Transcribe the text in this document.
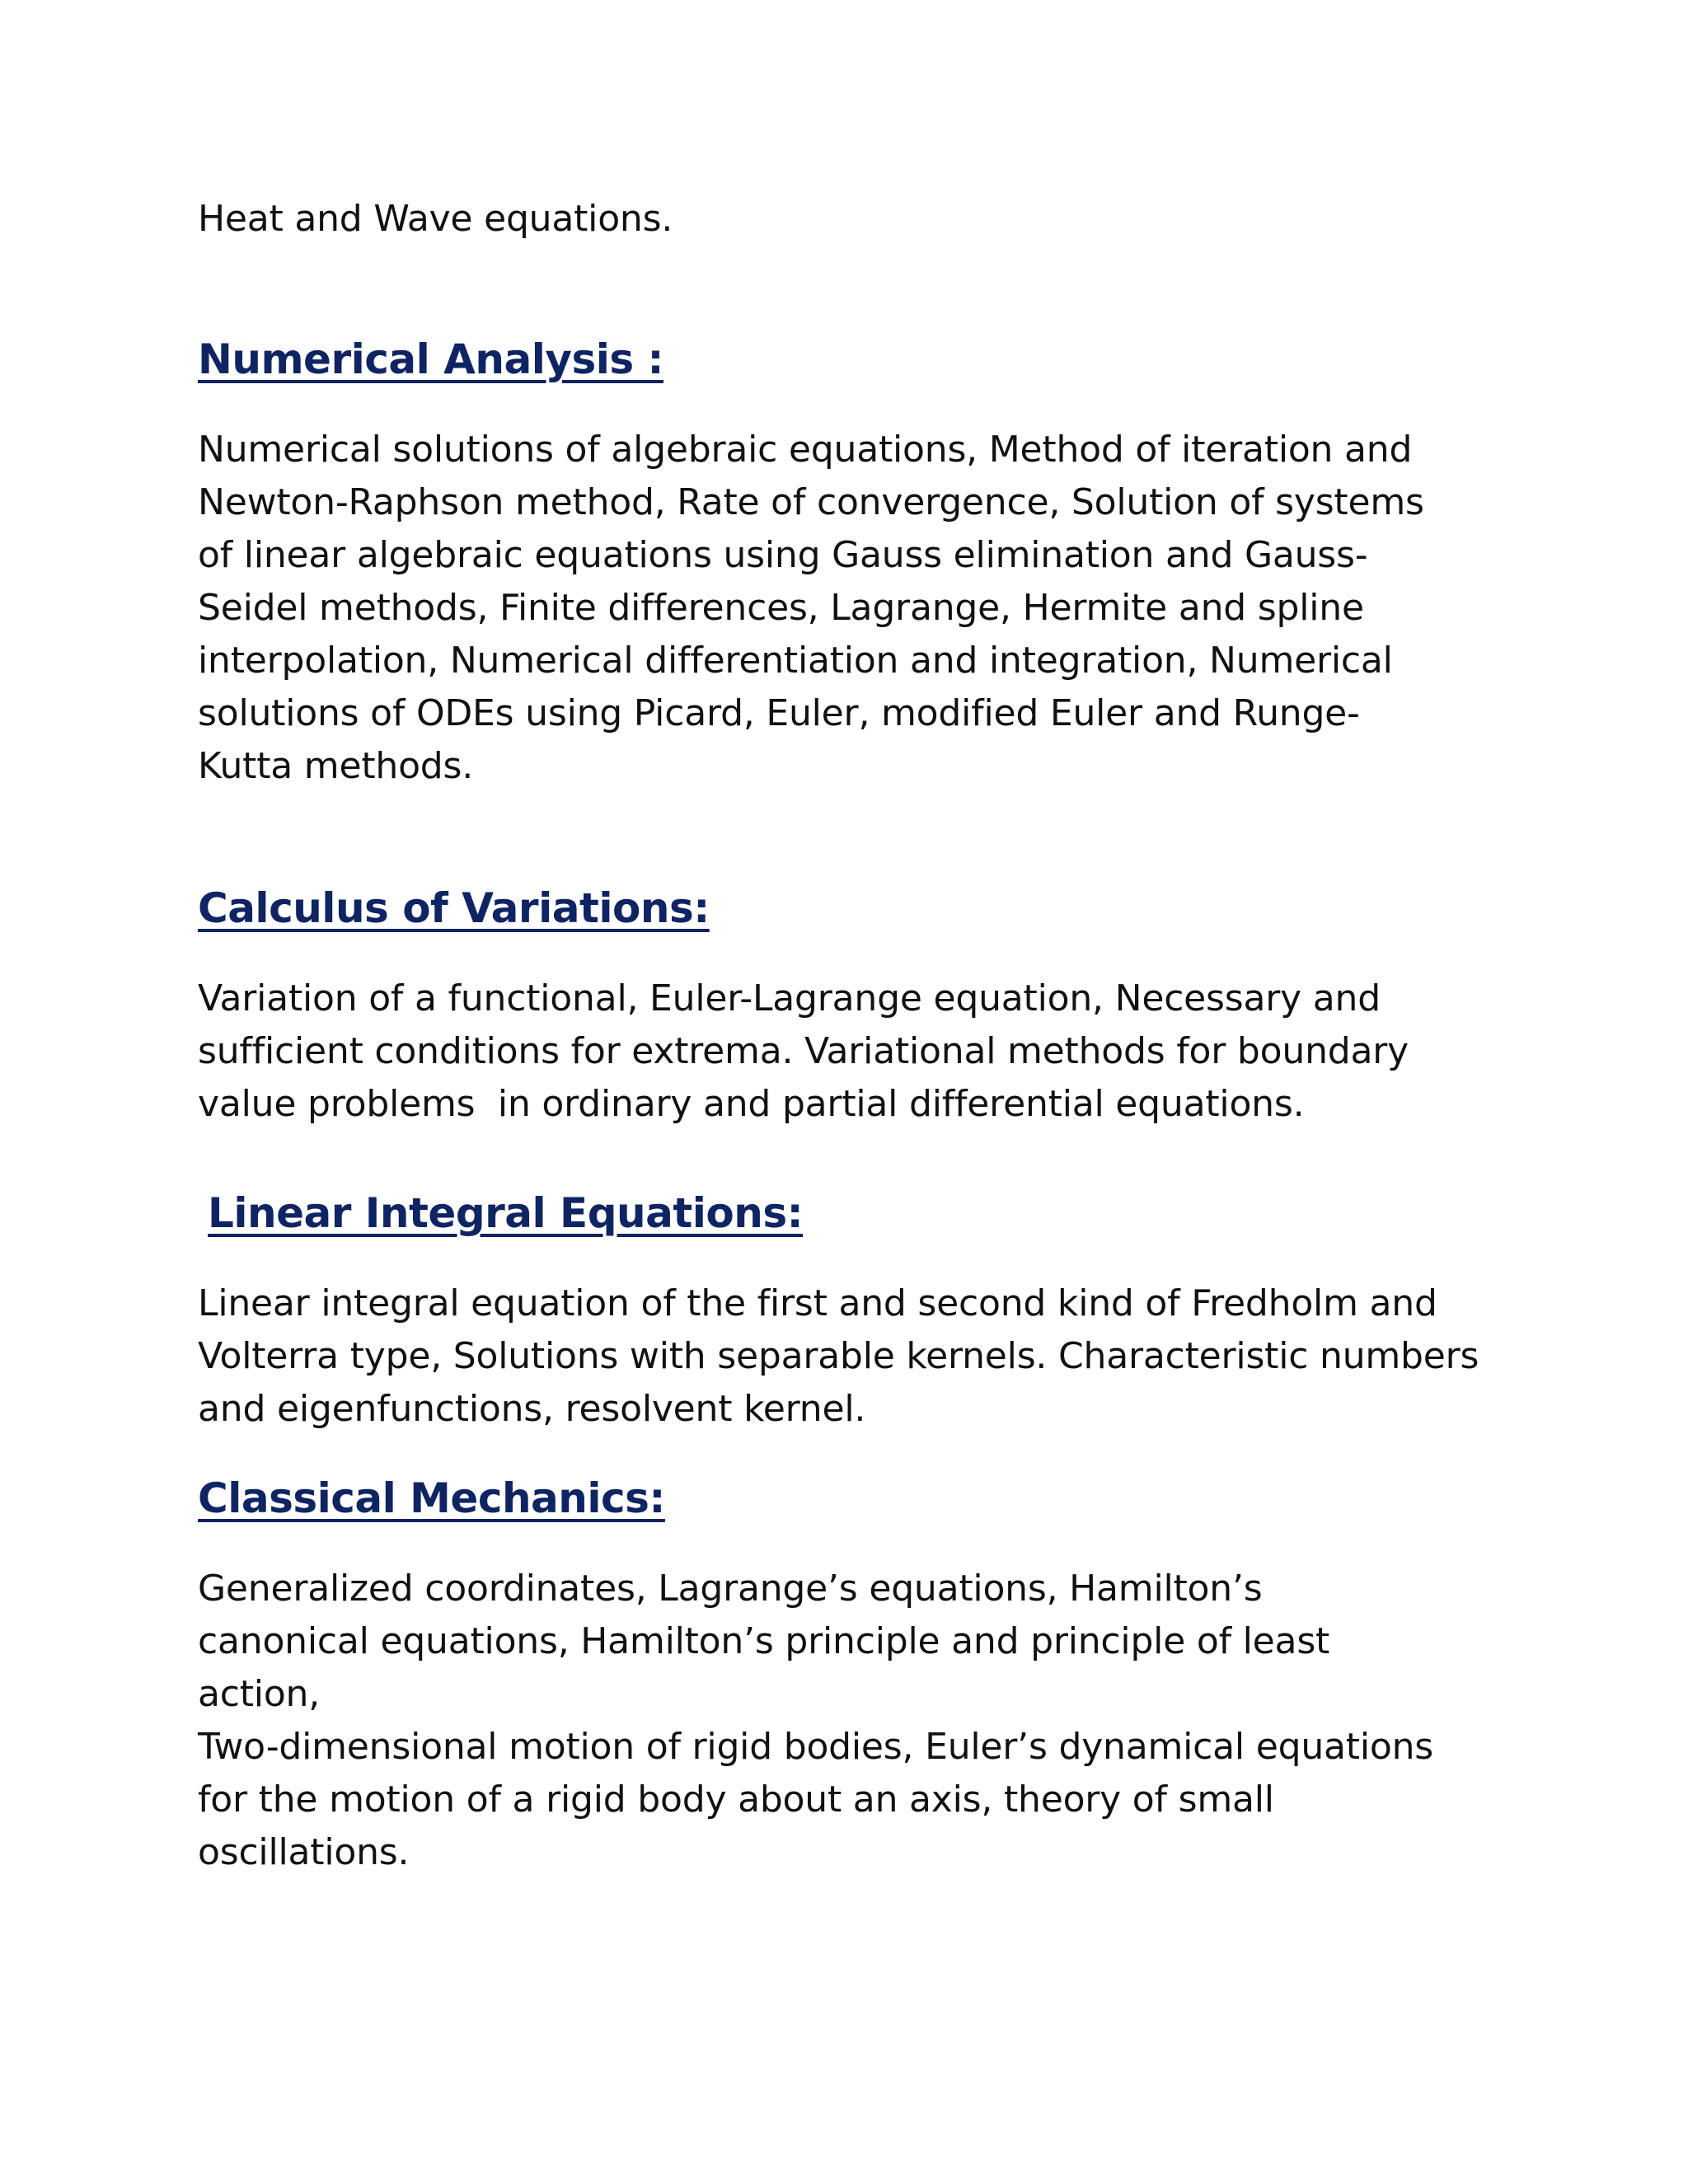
Heat and Wave equations.
Numerical Analysis :
Numerical solutions of algebraic equations, Method of iteration and
Newton-Raphson method, Rate of convergence, Solution of systems
of linear algebraic equations using Gauss elimination and Gauss-
Seidel methods, Finite differences, Lagrange, Hermite and spline
interpolation, Numerical differentiation and integration, Numerical
solutions of ODEs using Picard, Euler, modified Euler and Runge-
Kutta methods.
Calculus of Variations:
Variation of a functional, Euler-Lagrange equation, Necessary and
sufficient conditions for extrema. Variational methods for boundary
value problems  in ordinary and partial differential equations.
Linear Integral Equations:
Linear integral equation of the first and second kind of Fredholm and
Volterra type, Solutions with separable kernels. Characteristic numbers
and eigenfunctions, resolvent kernel.
Classical Mechanics:
Generalized coordinates, Lagrange’s equations, Hamilton’s
canonical equations, Hamilton’s principle and principle of least
action,
Two-dimensional motion of rigid bodies, Euler’s dynamical equations
for the motion of a rigid body about an axis, theory of small
oscillations.
